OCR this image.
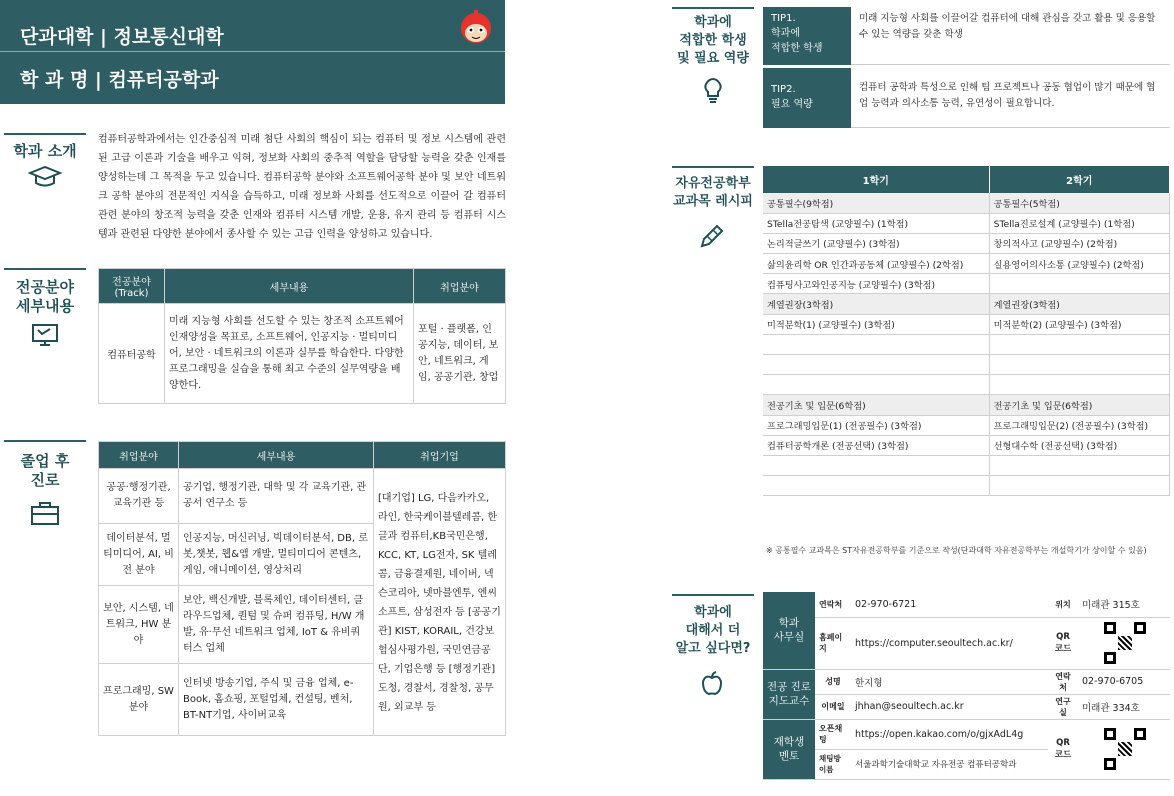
단과대학 | 정보통신대학
학 과 명 | 컴퓨터공학과
학과 소개
컴퓨터공학과에서는 인간중심적 미래 첨단 사회의 핵심이 되는 컴퓨터 및 정보 시스템에 관련된 고급 이론과 기술을 배우고 익혀, 정보화 사회의 중추적 역할을 담당할 능력을 갖춘 인재를 양성하는데 그 목적을 두고 있습니다. 컴퓨터공학 분야와 소프트웨어공학 분야 및 보안 네트워크 공학 분야의 전문적인 지식을 습득하고, 미래 정보화 사회를 선도적으로 이끌어 갈 컴퓨터 관련 분야의 창조적 능력을 갖춘 인재와 컴퓨터 시스템 개발, 운용, 유지 관리 등 컴퓨터 시스템과 관련된 다양한 분야에서 종사할 수 있는 고급 인력을 양성하고 있습니다.
전공분야
세부내용
전공분야
(Track)	세부내용	취업분야
컴퓨터공학	미래 지능형 사회를 선도할 수 있는 창조적 소프트웨어 인재양성을 목표로, 소프트웨어, 인공지능 · 멀티미디어, 보안 · 네트워크의 이론과 실무를 학습한다. 다양한 프로그래밍을 실습을 통해 최고 수준의 실무역량을 배양한다.	포털 · 플랫폼, 인공지능, 데이터, 보안, 네트워크, 게임, 공공기관, 창업
졸업 후
진로
취업분야	세부내용	취업기업
공공·행정기관, 교육기관 등	공기업, 행정기관, 대학 및 각 교육기관, 관공서 연구소 등	[대기업] LG, 다음카카오, 라인, 한국케이블텔레콤, 한글과 컴퓨터,KB국민은행, KCC, KT, LG전자, SK 텔레콤, 금융결제원, 네이버, 넥슨코리아, 넷마블엔투, 엔씨소프트, 삼성전자 등 [공공기관] KIST, KORAIL, 건강보험심사평가원, 국민연금공단, 기업은행 등 [행정기관] 도청, 경찰서, 경찰청, 공무원, 외교부 등
데이터분석, 멀티미디어, AI, 비전 분야	인공지능, 머신러닝, 빅데이터분석, DB, 로봇,챗봇, 웹&앱 개발, 멀티미디어 콘텐츠, 게임, 애니메이션, 영상처리	
보안, 시스템, 네트워크, HW 분야	보안, 백신개발, 블록체인, 데이터센터, 클라우드업체, 퀀텀 및 슈퍼 컴퓨팅, H/W 개발, 유·무선 네트워크 업체, IoT & 유비쿼터스 업체	
프로그래밍, SW 분야	인터넷 방송기업, 주식 및 금융 업체, e-Book, 홈쇼핑, 포털업체, 컨설팅, 벤처, BT-NT기업, 사이버교육	
학과에
적합한 학생
및 필요 역량
TIP1.
학과에
적합한 학생
미래 지능형 사회를 이끌어갈 컴퓨터에 대해 관심을 갖고 활용 및 응용할 수 있는 역량을 갖춘 학생
TIP2.
필요 역량
컴퓨터 공학과 특성으로 인해 팀 프로젝트나 공동 협업이 많기 때문에 협업 능력과 의사소통 능력, 유연성이 필요합니다.
자유전공학부
교과목 레시피
1학기	2학기
공통필수(9학점)	공통필수(5학점)
STella전공탐색 (교양필수) (1학점)	STella진로설계 (교양필수) (1학점)
논리적글쓰기 (교양필수) (3학점)	창의적사고 (교양필수) (2학점)
삶의윤리학 OR 인간과공동체 (교양필수) (2학점)	실용영어의사소통 (교양필수) (2학점)
컴퓨팅사고와인공지능 (교양필수) (3학점)	
계열권장(3학점)	계열권장(3학점)
미적분학(1) (교양필수) (3학점)	미적분학(2) (교양필수) (3학점)

전공기초 및 입문(6학점)	전공기초 및 입문(6학점)
프로그래밍입문(1) (전공필수) (3학점)	프로그래밍입문(2) (전공필수) (3학점)
컴퓨터공학개론 (전공선택) (3학점)	선형대수학 (전공선택) (3학점)

※ 공통필수 교과목은 ST자유전공학부를 기준으로 작성(단과대학 자유전공학부는 개설학기가 상이할 수 있음)
학과에
대해서 더
알고 싶다면?
학과
사무실	연락처	02-970-6721	위치	미래관 315호
	홈페이지	https://computer.seoultech.ac.kr/	QR
코드	

전공 진로
지도교수	성명	한지형	연락처	02-970-6705
	이메일	jhhan@seoultech.ac.kr	연구실	미래관 334호
재학생
멘토	오픈채팅	https://open.kakao.com/o/gjxAdL4g	QR
코드	

	채팅방이름	서울과학기술대학교 자유전공 컴퓨터공학과		
